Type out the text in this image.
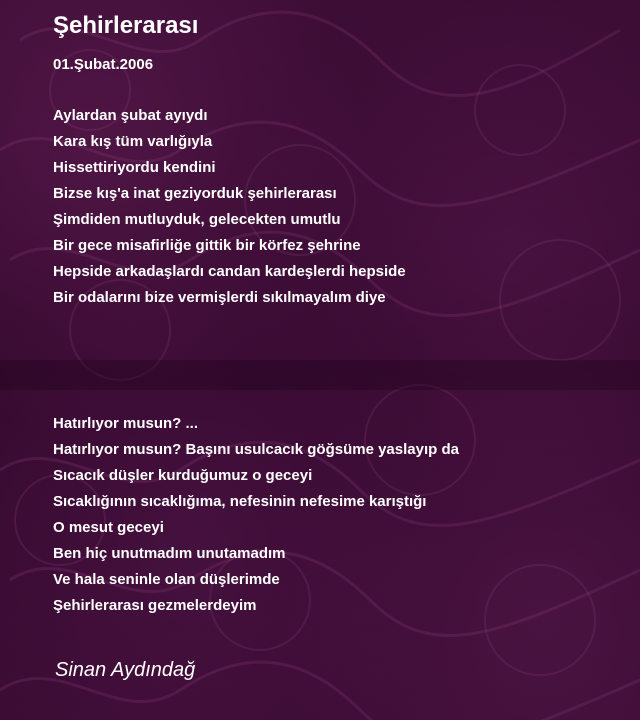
Şehirlerarası
01.Şubat.2006
Aylardan şubat ayıydı
Kara kış tüm varlığıyla
Hissettiriyordu kendini
Bizse kış'a inat geziyorduk şehirlerarası
Şimdiden mutluyduk, gelecekten umutlu
Bir gece misafirliğe gittik bir körfez şehrine
Hepside arkadaşlardı candan kardeşlerdi hepside
Bir odalarını bize vermişlerdi sıkılmayalım diye
Hatırlıyor musun? ...
Hatırlıyor musun? Başını usulcacık göğsüme yaslayıp da
Sıcacık düşler kurduğumuz o geceyi
Sıcaklığının sıcaklığıma, nefesinin nefesime karıştığı
O mesut geceyi
Ben hiç unutmadım unutamadım
Ve hala seninle olan düşlerimde
Şehirlerarası gezmelerdeyim
Sinan Aydındağ
